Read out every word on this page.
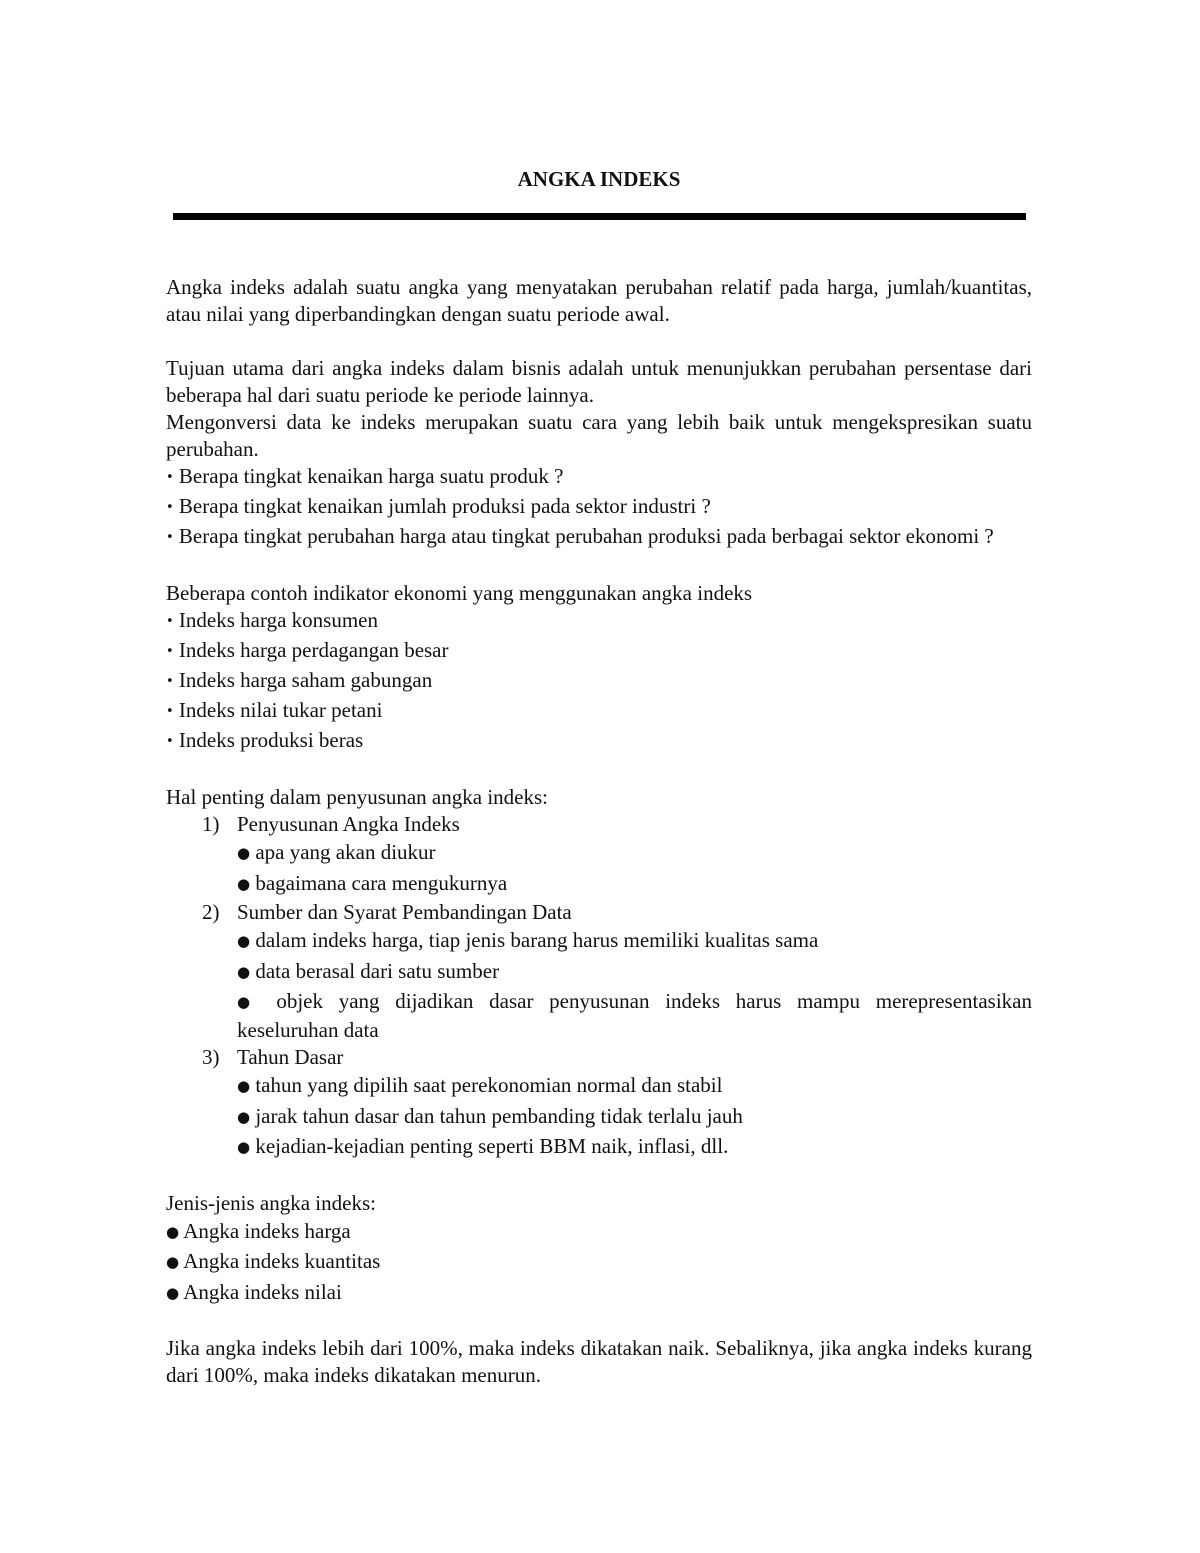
ANGKA INDEKS

Angka indeks adalah suatu angka yang menyatakan perubahan relatif pada harga, jumlah/kuantitas, atau nilai yang diperbandingkan dengan suatu periode awal.

Tujuan utama dari angka indeks dalam bisnis adalah untuk menunjukkan perubahan persentase dari beberapa hal dari suatu periode ke periode lainnya.

Mengonversi data ke indeks merupakan suatu cara yang lebih baik untuk mengekspresikan suatu perubahan.

• Berapa tingkat kenaikan harga suatu produk ?
• Berapa tingkat kenaikan jumlah produksi pada sektor industri ?
• Berapa tingkat perubahan harga atau tingkat perubahan produksi pada berbagai sektor ekonomi ?

Beberapa contoh indikator ekonomi yang menggunakan angka indeks

• Indeks harga konsumen
• Indeks harga perdagangan besar
• Indeks harga saham gabungan
• Indeks nilai tukar petani
• Indeks produksi beras

Hal penting dalam penyusunan angka indeks:

1) Penyusunan Angka Indeks
● apa yang akan diukur
● bagaimana cara mengukurnya
2) Sumber dan Syarat Pembandingan Data
● dalam indeks harga, tiap jenis barang harus memiliki kualitas sama
● data berasal dari satu sumber
● objek yang dijadikan dasar penyusunan indeks harus mampu merepresentasikan keseluruhan data
3) Tahun Dasar
● tahun yang dipilih saat perekonomian normal dan stabil
● jarak tahun dasar dan tahun pembanding tidak terlalu jauh
● kejadian-kejadian penting seperti BBM naik, inflasi, dll.

Jenis-jenis angka indeks:

● Angka indeks harga
● Angka indeks kuantitas
● Angka indeks nilai

Jika angka indeks lebih dari 100%, maka indeks dikatakan naik. Sebaliknya, jika angka indeks kurang dari 100%, maka indeks dikatakan menurun.
